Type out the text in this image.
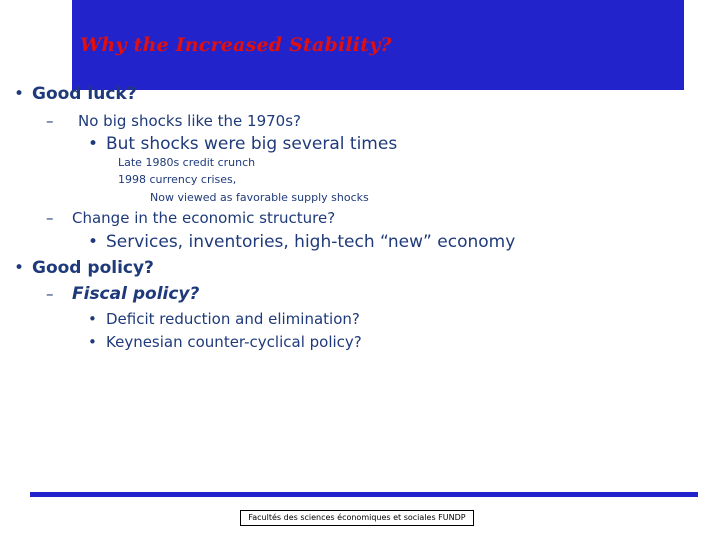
Why the Increased Stability?
• Good luck?
– No big shocks like the 1970s?
• But shocks were big several times
Late 1980s credit crunch
1998 currency crises,
Now viewed as favorable supply shocks
– Change in the economic structure?
• Services, inventories, high-tech “new” economy
• Good policy?
– Fiscal policy?
• Deficit reduction and elimination?
• Keynesian counter-cyclical policy?
Facultés des sciences économiques et sociales FUNDP
